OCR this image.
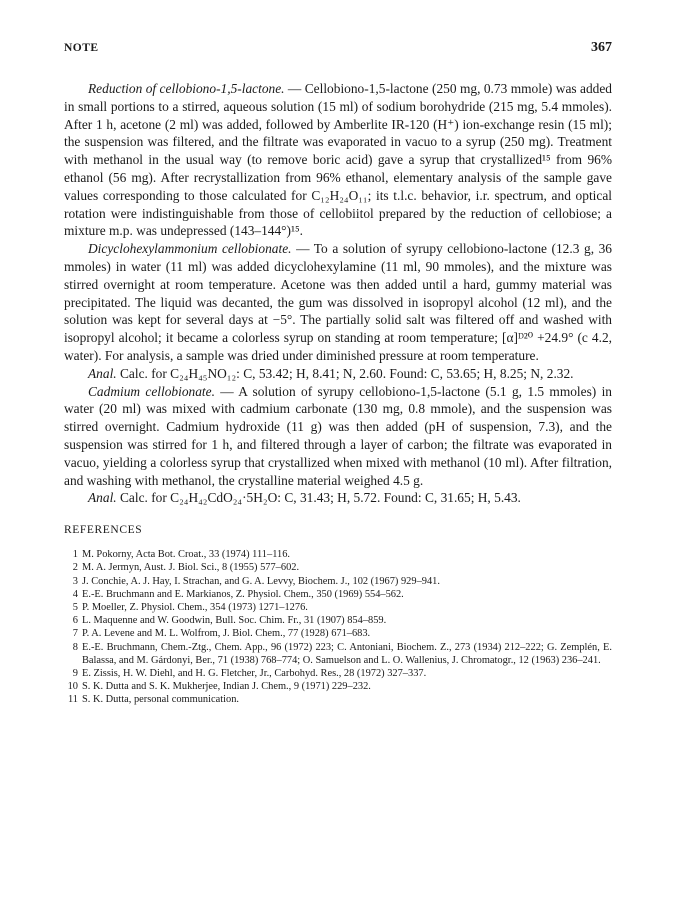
NOTE	367

Reduction of cellobiono-1,5-lactone. — Cellobiono-1,5-lactone (250 mg, 0.73 mmole) was added in small portions to a stirred, aqueous solution (15 ml) of sodium borohydride (215 mg, 5.4 mmoles). After 1 h, acetone (2 ml) was added, followed by Amberlite IR-120 (H⁺) ion-exchange resin (15 ml); the suspension was filtered, and the filtrate was evaporated in vacuo to a syrup (250 mg). Treatment with methanol in the usual way (to remove boric acid) gave a syrup that crystallized¹⁵ from 96% ethanol (56 mg). After recrystallization from 96% ethanol, elementary analysis of the sample gave values corresponding to those calculated for C₁₂H₂₄O₁₁; its t.l.c. behavior, i.r. spectrum, and optical rotation were indistinguishable from those of cellobiitol prepared by the reduction of cellobiose; a mixture m.p. was undepressed (143–144°)¹⁵.

Dicyclohexylammonium cellobionate. — To a solution of syrupy cellobiono-lactone (12.3 g, 36 mmoles) in water (11 ml) was added dicyclohexylamine (11 ml, 90 mmoles), and the mixture was stirred overnight at room temperature. Acetone was then added until a hard, gummy material was precipitated. The liquid was decanted, the gum was dissolved in isopropyl alcohol (12 ml), and the solution was kept for several days at −5°. The partially solid salt was filtered off and washed with isopropyl alcohol; it became a colorless syrup on standing at room temperature; [α]ᴰ²⁰ +24.9° (c 4.2, water). For analysis, a sample was dried under diminished pressure at room temperature.

Anal. Calc. for C₂₄H₄₅NO₁₂: C, 53.42; H, 8.41; N, 2.60. Found: C, 53.65; H, 8.25; N, 2.32.

Cadmium cellobionate. — A solution of syrupy cellobiono-1,5-lactone (5.1 g, 1.5 mmoles) in water (20 ml) was mixed with cadmium carbonate (130 mg, 0.8 mmole), and the suspension was stirred overnight. Cadmium hydroxide (11 g) was then added (pH of suspension, 7.3), and the suspension was stirred for 1 h, and filtered through a layer of carbon; the filtrate was evaporated in vacuo, yielding a colorless syrup that crystallized when mixed with methanol (10 ml). After filtration, and washing with methanol, the crystalline material weighed 4.5 g.

Anal. Calc. for C₂₄H₄₂CdO₂₄·5H₂O: C, 31.43; H, 5.72. Found: C, 31.65; H, 5.43.

REFERENCES
1 M. Pokorny, Acta Bot. Croat., 33 (1974) 111–116.
2 M. A. Jermyn, Aust. J. Biol. Sci., 8 (1955) 577–602.
3 J. Conchie, A. J. Hay, I. Strachan, and G. A. Levvy, Biochem. J., 102 (1967) 929–941.
4 E.-E. Bruchmann and E. Markianos, Z. Physiol. Chem., 350 (1969) 554–562.
5 P. Moeller, Z. Physiol. Chem., 354 (1973) 1271–1276.
6 L. Maquenne and W. Goodwin, Bull. Soc. Chim. Fr., 31 (1907) 854–859.
7 P. A. Levene and M. L. Wolfrom, J. Biol. Chem., 77 (1928) 671–683.
8 E.-E. Bruchmann, Chem.-Ztg., Chem. App., 96 (1972) 223; C. Antoniani, Biochem. Z., 273 (1934) 212–222; G. Zemplén, E. Balassa, and M. Gárdonyi, Ber., 71 (1938) 768–774; O. Samuelson and L. O. Wallenius, J. Chromatogr., 12 (1963) 236–241.
9 E. Zissis, H. W. Diehl, and H. G. Fletcher, Jr., Carbohyd. Res., 28 (1972) 327–337.
10 S. K. Dutta and S. K. Mukherjee, Indian J. Chem., 9 (1971) 229–232.
11 S. K. Dutta, personal communication.
